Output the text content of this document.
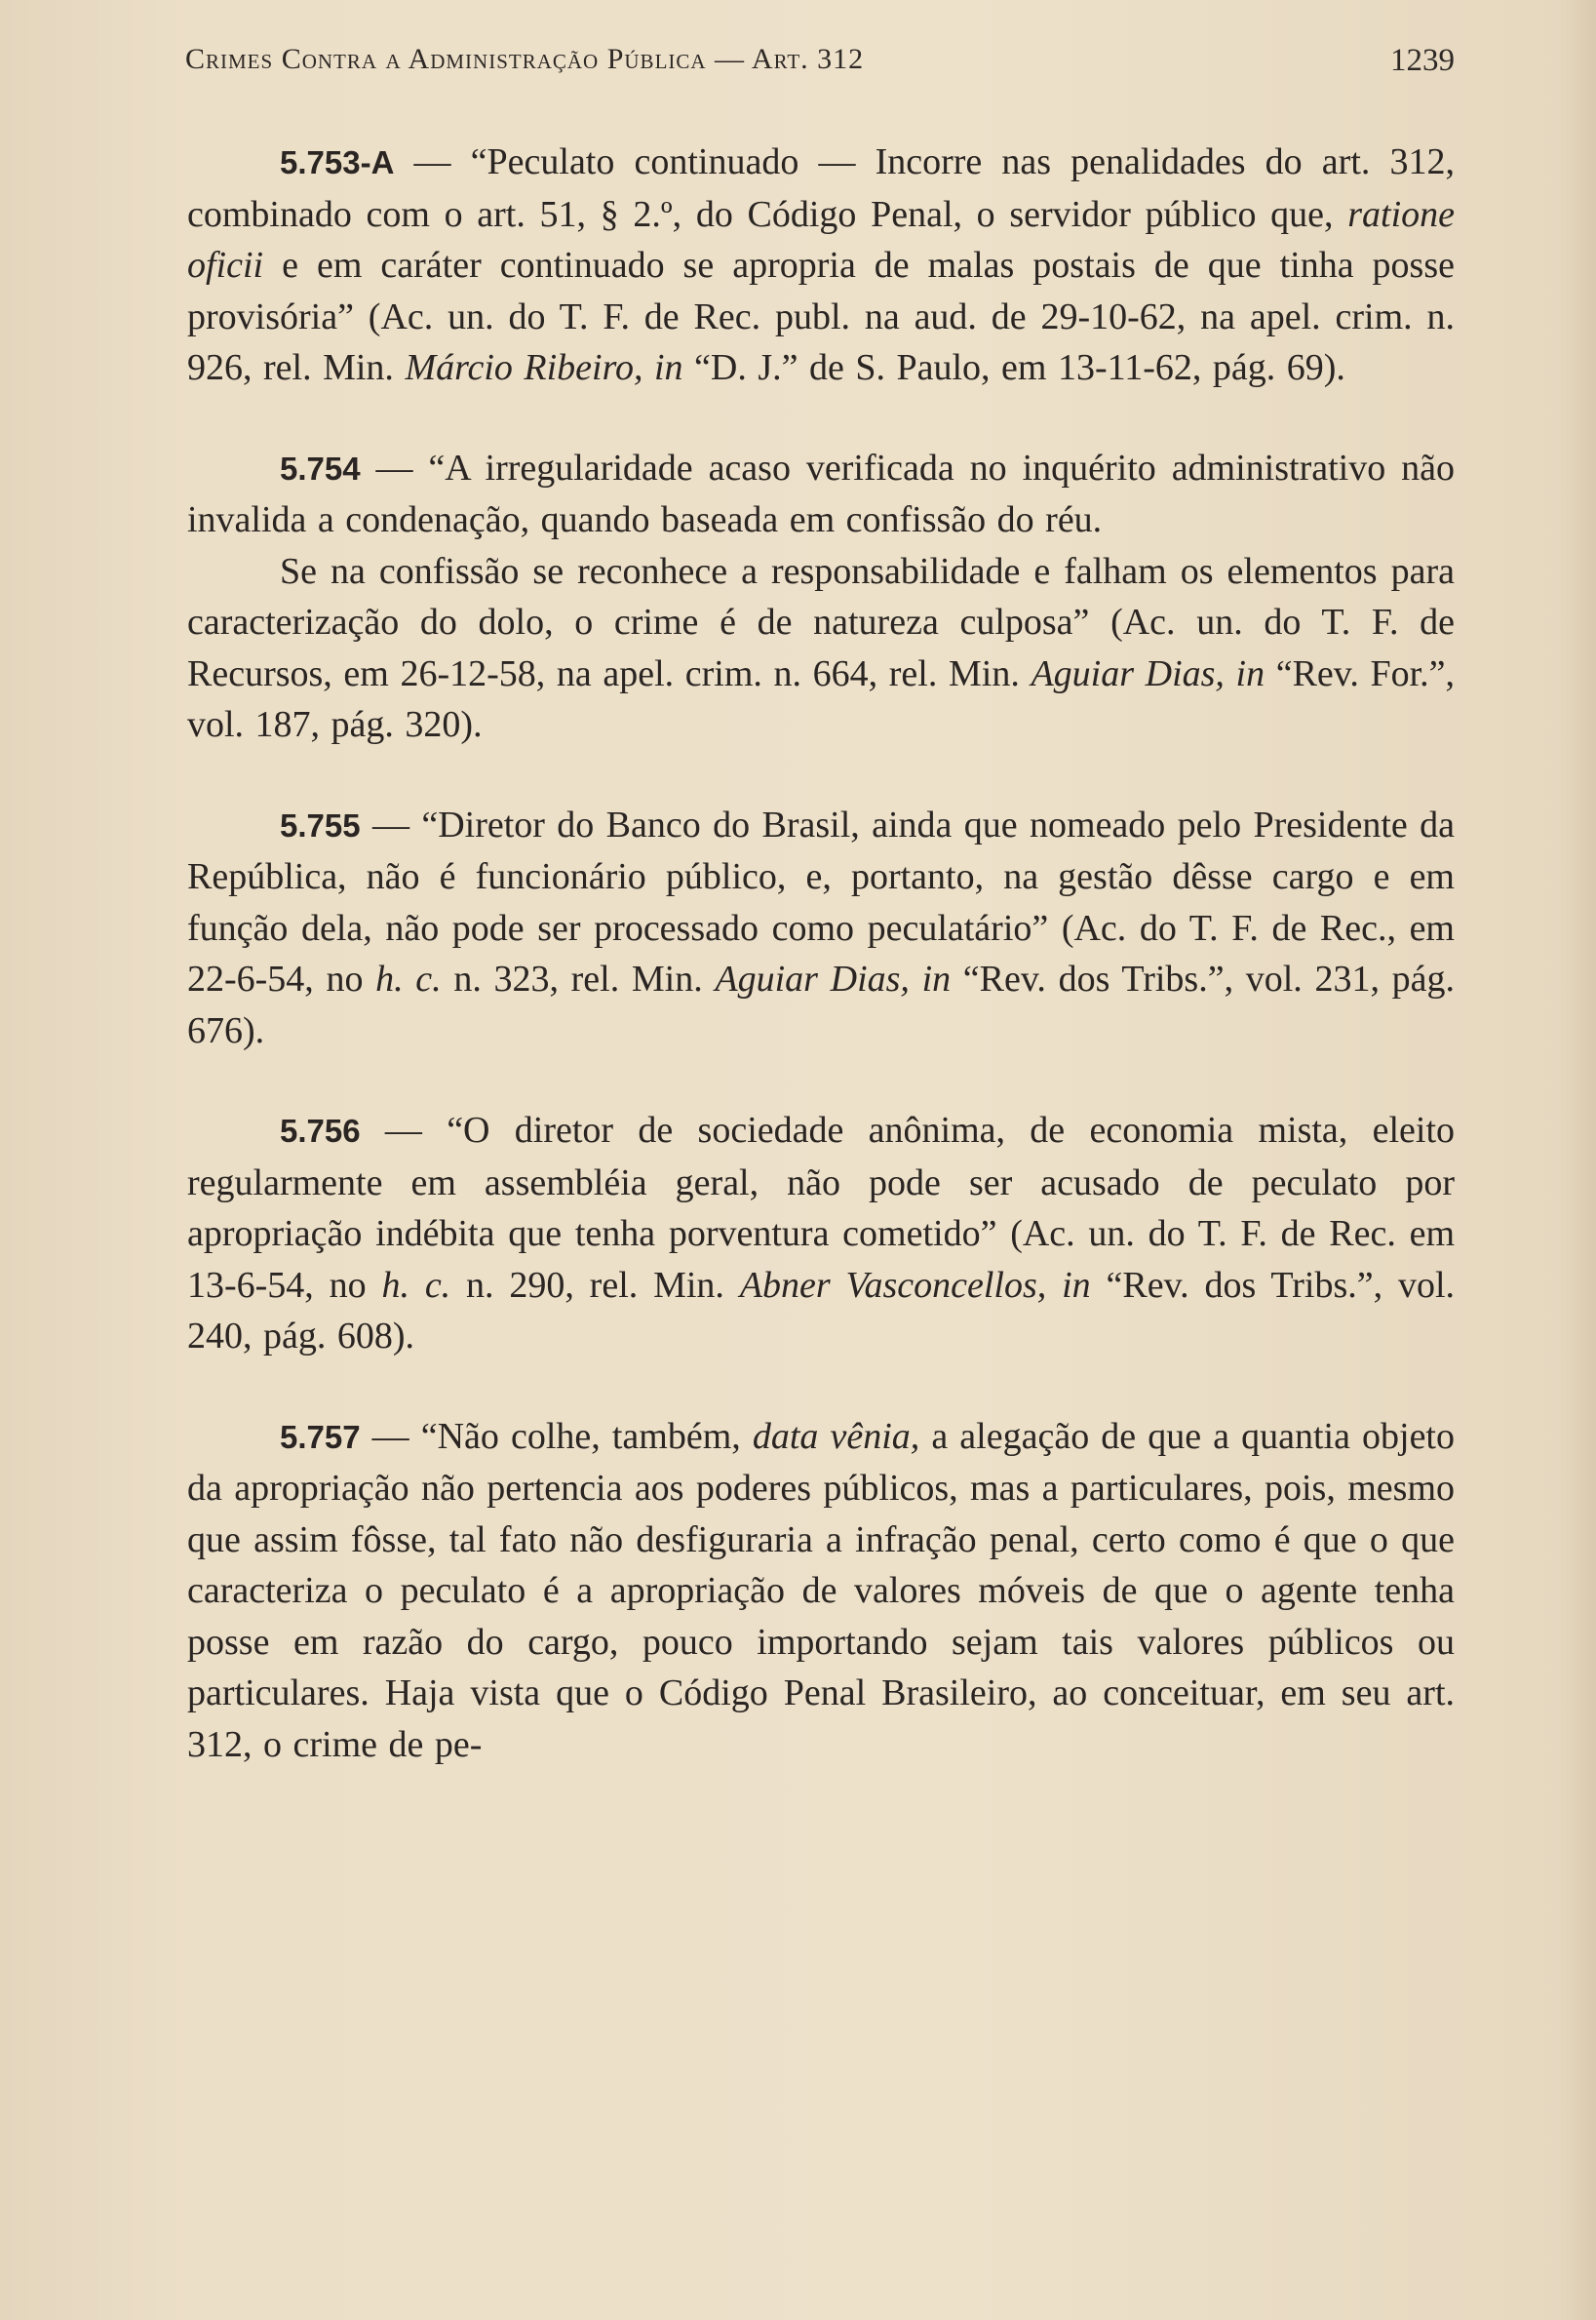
Crimes Contra a Administração Pública — Art. 312	1239

5.753-A — “Peculato continuado — Incorre nas penalidades do art. 312, combinado com o art. 51, § 2.º, do Código Penal, o servidor público que, ratione oficii e em caráter continuado se apropria de malas postais de que tinha posse provisória” (Ac. un. do T. F. de Rec. publ. na aud. de 29-10-62, na apel. crim. n. 926, rel. Min. Márcio Ribeiro, in “D. J.” de S. Paulo, em 13-11-62, pág. 69).

5.754 — “A irregularidade acaso verificada no inquérito administrativo não invalida a condenação, quando baseada em confissão do réu.

Se na confissão se reconhece a responsabilidade e falham os elementos para caracterização do dolo, o crime é de natureza culposa” (Ac. un. do T. F. de Recursos, em 26-12-58, na apel. crim. n. 664, rel. Min. Aguiar Dias, in “Rev. For.”, vol. 187, pág. 320).

5.755 — “Diretor do Banco do Brasil, ainda que nomeado pelo Presidente da República, não é funcionário público, e, portanto, na gestão dêsse cargo e em função dela, não pode ser processado como peculatário” (Ac. do T. F. de Rec., em 22-6-54, no h. c. n. 323, rel. Min. Aguiar Dias, in “Rev. dos Tribs.”, vol. 231, pág. 676).

5.756 — “O diretor de sociedade anônima, de economia mista, eleito regularmente em assembléia geral, não pode ser acusado de peculato por apropriação indébita que tenha porventura cometido” (Ac. un. do T. F. de Rec. em 13-6-54, no h. c. n. 290, rel. Min. Abner Vasconcellos, in “Rev. dos Tribs.”, vol. 240, pág. 608).

5.757 — “Não colhe, também, data vênia, a alegação de que a quantia objeto da apropriação não pertencia aos poderes públicos, mas a particulares, pois, mesmo que assim fôsse, tal fato não desfiguraria a infração penal, certo como é que o que caracteriza o peculato é a apropriação de valores móveis de que o agente tenha posse em razão do cargo, pouco importando sejam tais valores públicos ou particulares. Haja vista que o Código Penal Brasileiro, ao conceituar, em seu art. 312, o crime de pe-
